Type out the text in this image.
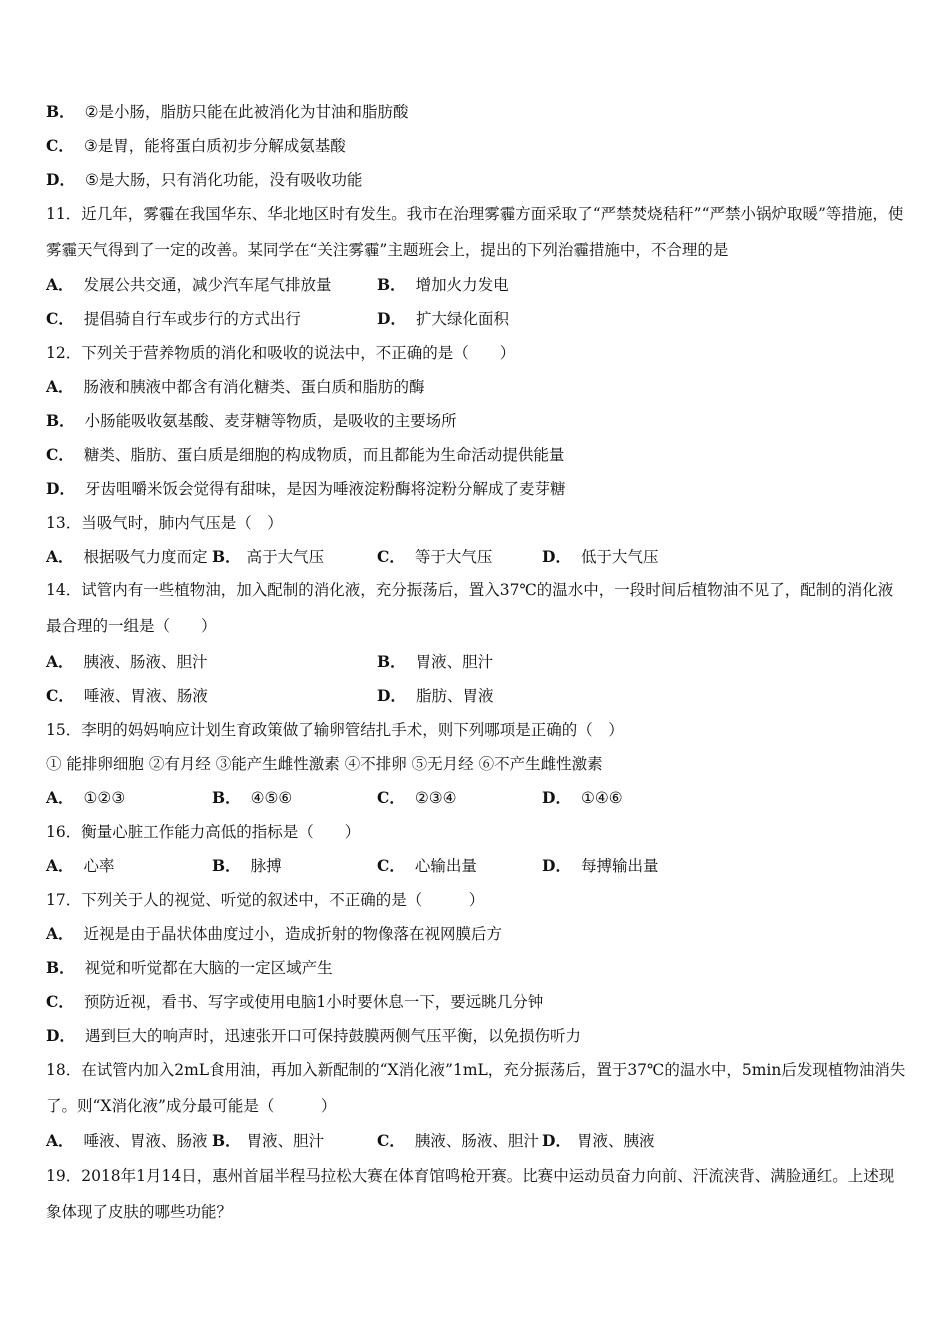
B． ②是小肠，脂肪只能在此被消化为甘油和脂肪酸
C． ③是胃，能将蛋白质初步分解成氨基酸
D． ⑤是大肠，只有消化功能，没有吸收功能
11．近几年，雾霾在我国华东、华北地区时有发生。我市在治理雾霾方面采取了“严禁焚烧秸秆”“严禁小锅炉取暖”等措施，使雾霾天气得到了一定的改善。某同学在“关注雾霾”主题班会上，提出的下列治霾措施中，不合理的是
A． 发展公共交通，减少汽车尾气排放量	B． 增加火力发电
C． 提倡骑自行车或步行的方式出行	D． 扩大绿化面积
12．下列关于营养物质的消化和吸收的说法中，不正确的是（　　）
A． 肠液和胰液中都含有消化糖类、蛋白质和脂肪的酶
B． 小肠能吸收氨基酸、麦芽糖等物质，是吸收的主要场所
C． 糖类、脂肪、蛋白质是细胞的构成物质，而且都能为生命活动提供能量
D． 牙齿咀嚼米饭会觉得有甜味，是因为唾液淀粉酶将淀粉分解成了麦芽糖
13．当吸气时，肺内气压是（　）
A． 根据吸气力度而定 B． 高于大气压	C． 等于大气压	D． 低于大气压
14．试管内有一些植物油，加入配制的消化液，充分振荡后，置入37℃的温水中，一段时间后植物油不见了，配制的消化液最合理的一组是（　　）
A． 胰液、肠液、胆汁	B． 胃液、胆汁
C． 唾液、胃液、肠液	D． 脂肪、胃液
15．李明的妈妈响应计划生育政策做了输卵管结扎手术，则下列哪项是正确的（　）
① 能排卵细胞 ②有月经 ③能产生雌性激素 ④不排卵 ⑤无月经 ⑥不产生雌性激素
A． ①②③	B． ④⑤⑥	C． ②③④	D． ①④⑥
16．衡量心脏工作能力高低的指标是（　　）
A． 心率	B． 脉搏	C． 心输出量	D． 每搏输出量
17．下列关于人的视觉、听觉的叙述中，不正确的是（　　　）
A． 近视是由于晶状体曲度过小，造成折射的物像落在视网膜后方
B． 视觉和听觉都在大脑的一定区域产生
C． 预防近视，看书、写字或使用电脑1小时要休息一下，要远眺几分钟
D． 遇到巨大的响声时，迅速张开口可保持鼓膜两侧气压平衡，以免损伤听力
18．在试管内加入2mL食用油，再加入新配制的“X消化液”1mL，充分振荡后，置于37℃的温水中，5min后发现植物油消失了。则“X消化液”成分最可能是（　　　）
A． 唾液、胃液、肠液 B． 胃液、胆汁	C． 胰液、肠液、胆汁 D． 胃液、胰液
19．2018年1月14日，惠州首届半程马拉松大赛在体育馆鸣枪开赛。比赛中运动员奋力向前、汗流浃背、满脸通红。上述现象体现了皮肤的哪些功能？
